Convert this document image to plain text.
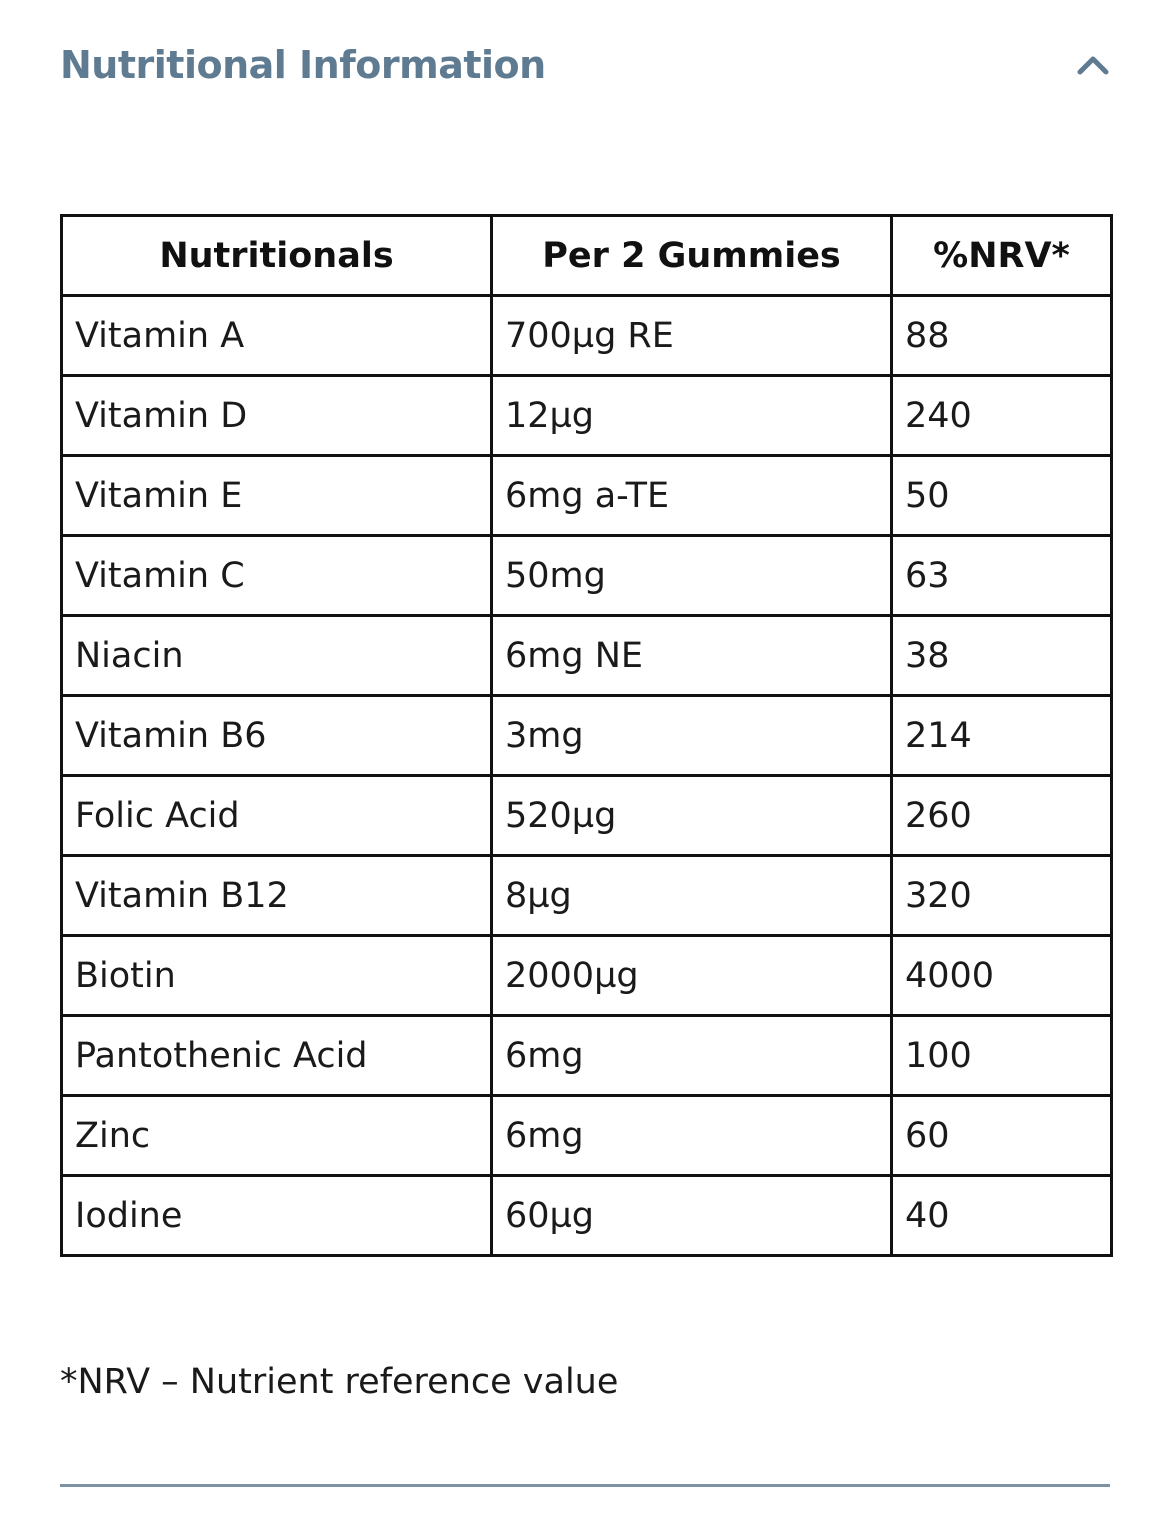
Nutritional Information
Nutritionals	Per 2 Gummies	%NRV*
Vitamin A	700µg RE	88
Vitamin D	12µg	240
Vitamin E	6mg a-TE	50
Vitamin C	50mg	63
Niacin	6mg NE	38
Vitamin B6	3mg	214
Folic Acid	520µg	260
Vitamin B12	8µg	320
Biotin	2000µg	4000
Pantothenic Acid	6mg	100
Zinc	6mg	60
Iodine	60µg	40
*NRV – Nutrient reference value
